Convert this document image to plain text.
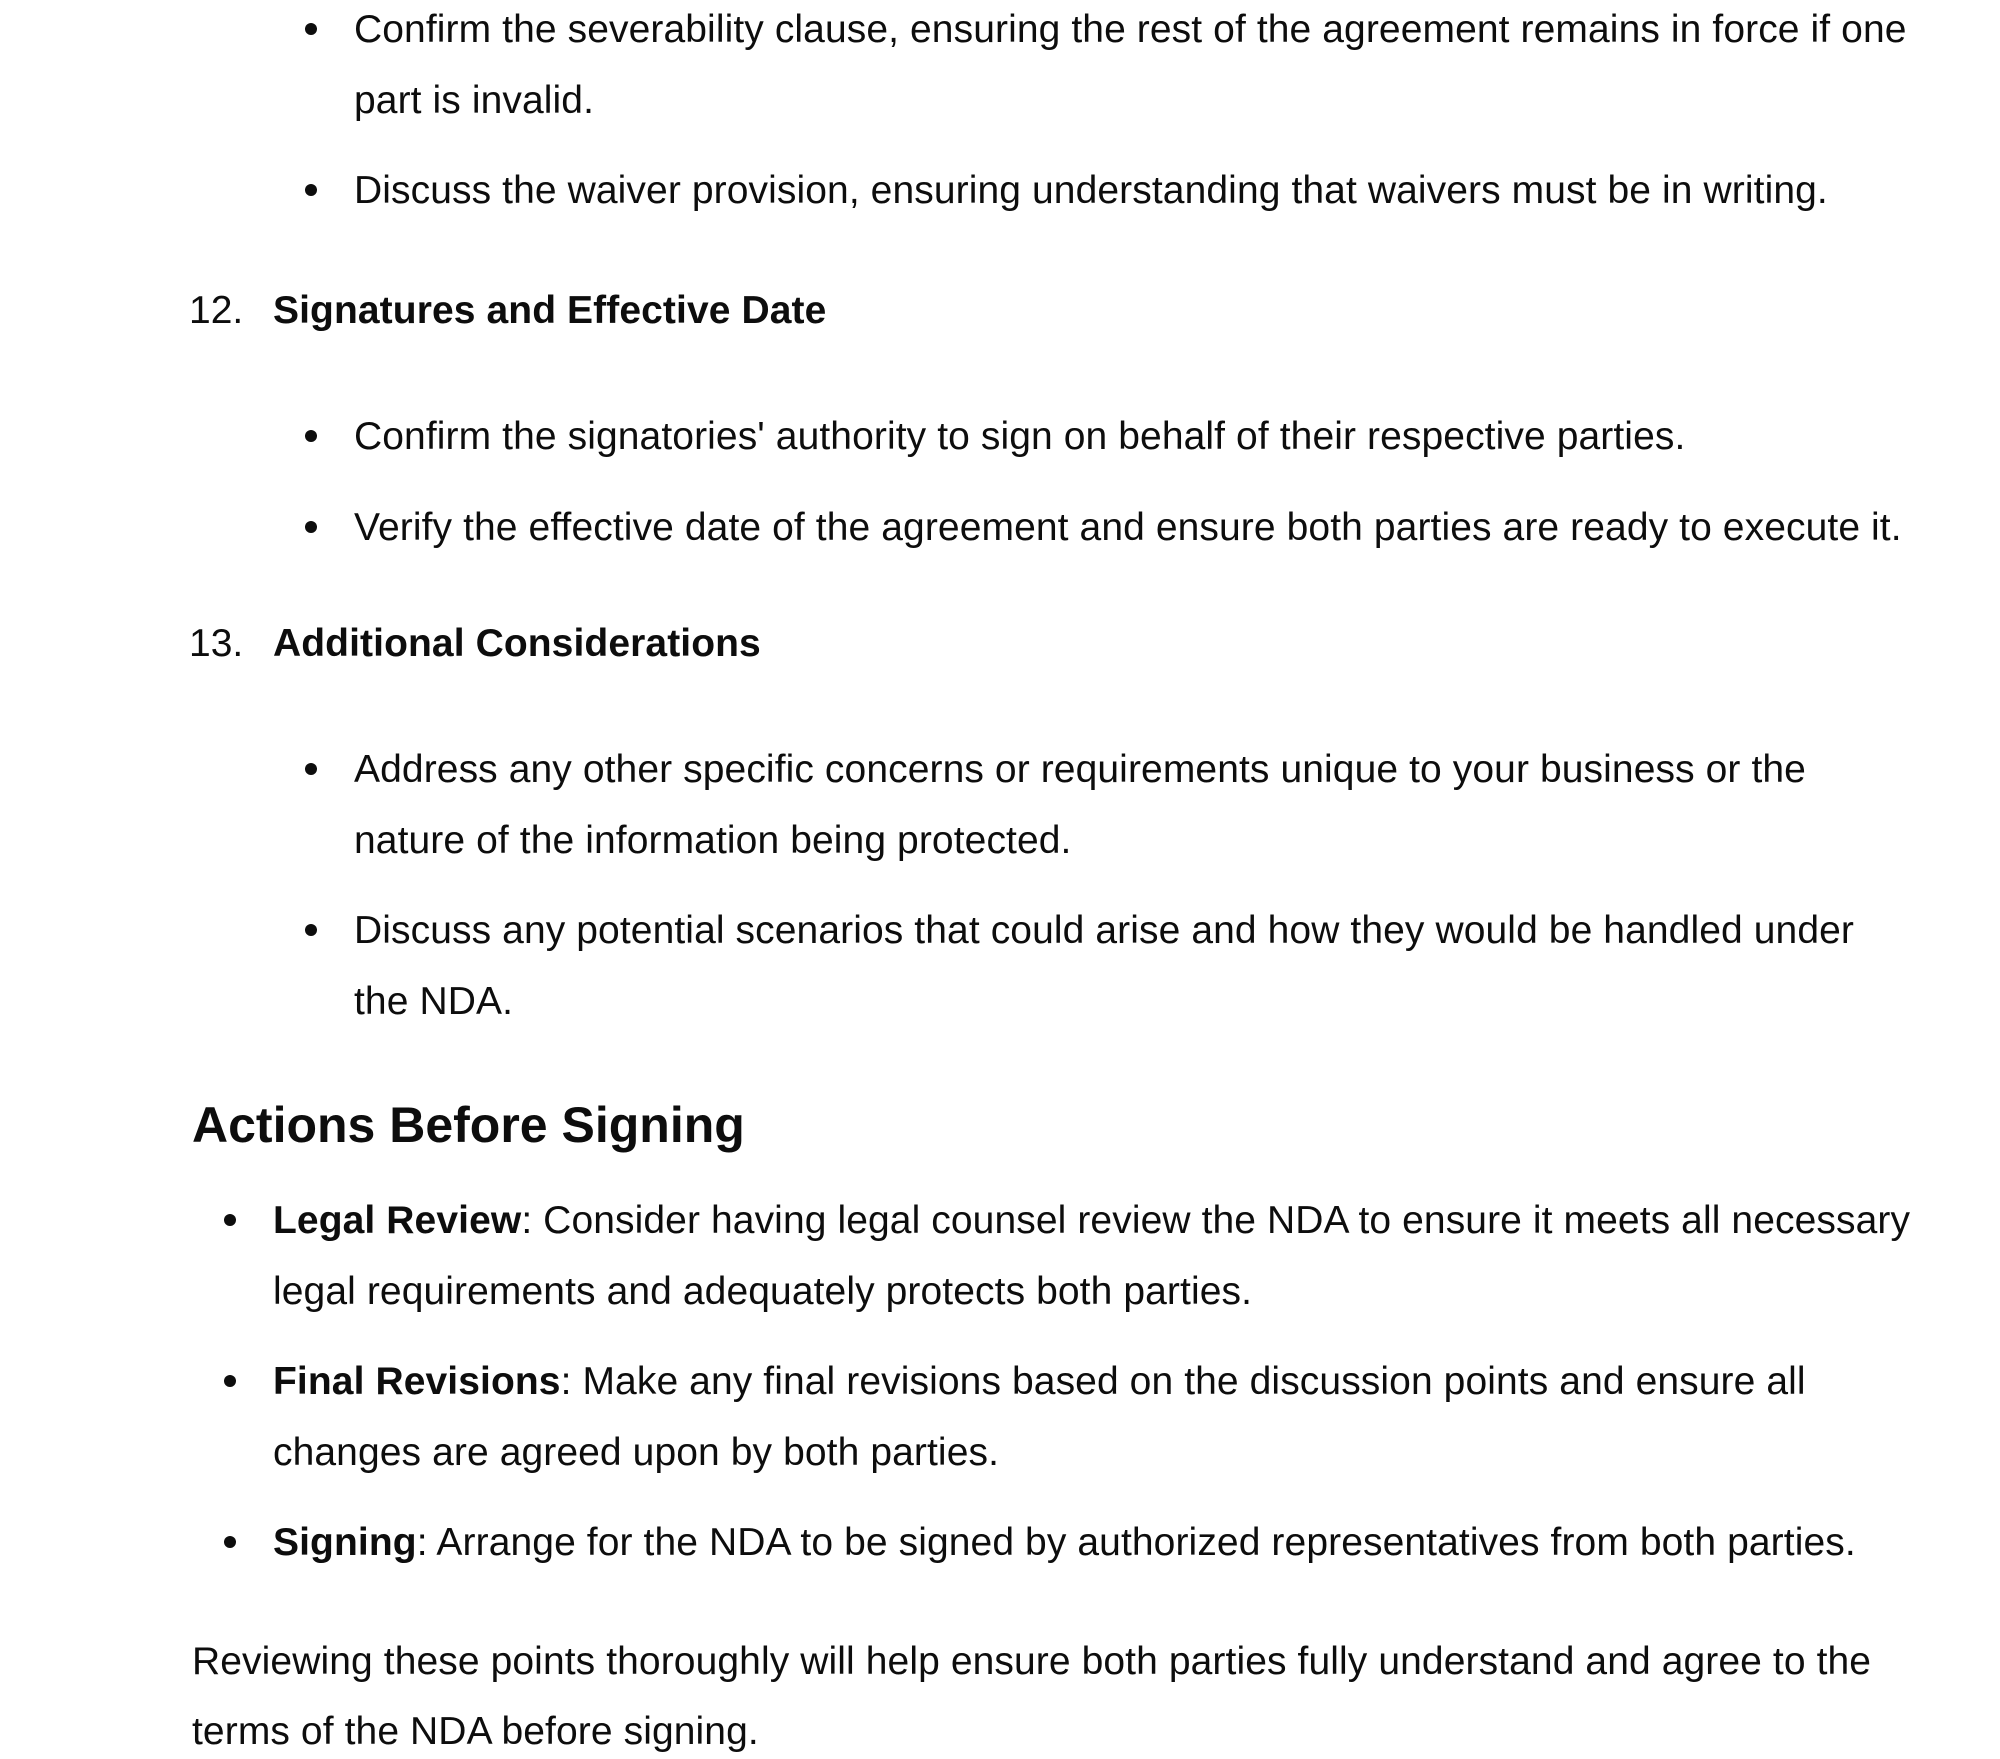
Confirm the severability clause, ensuring the rest of the agreement remains in force if one
part is invalid.
Discuss the waiver provision, ensuring understanding that waivers must be in writing.
12. Signatures and Effective Date
Confirm the signatories' authority to sign on behalf of their respective parties.
Verify the effective date of the agreement and ensure both parties are ready to execute it.
13. Additional Considerations
Address any other specific concerns or requirements unique to your business or the
nature of the information being protected.
Discuss any potential scenarios that could arise and how they would be handled under
the NDA.
Actions Before Signing
Legal Review: Consider having legal counsel review the NDA to ensure it meets all necessary
legal requirements and adequately protects both parties.
Final Revisions: Make any final revisions based on the discussion points and ensure all
changes are agreed upon by both parties.
Signing: Arrange for the NDA to be signed by authorized representatives from both parties.
Reviewing these points thoroughly will help ensure both parties fully understand and agree to the
terms of the NDA before signing.
